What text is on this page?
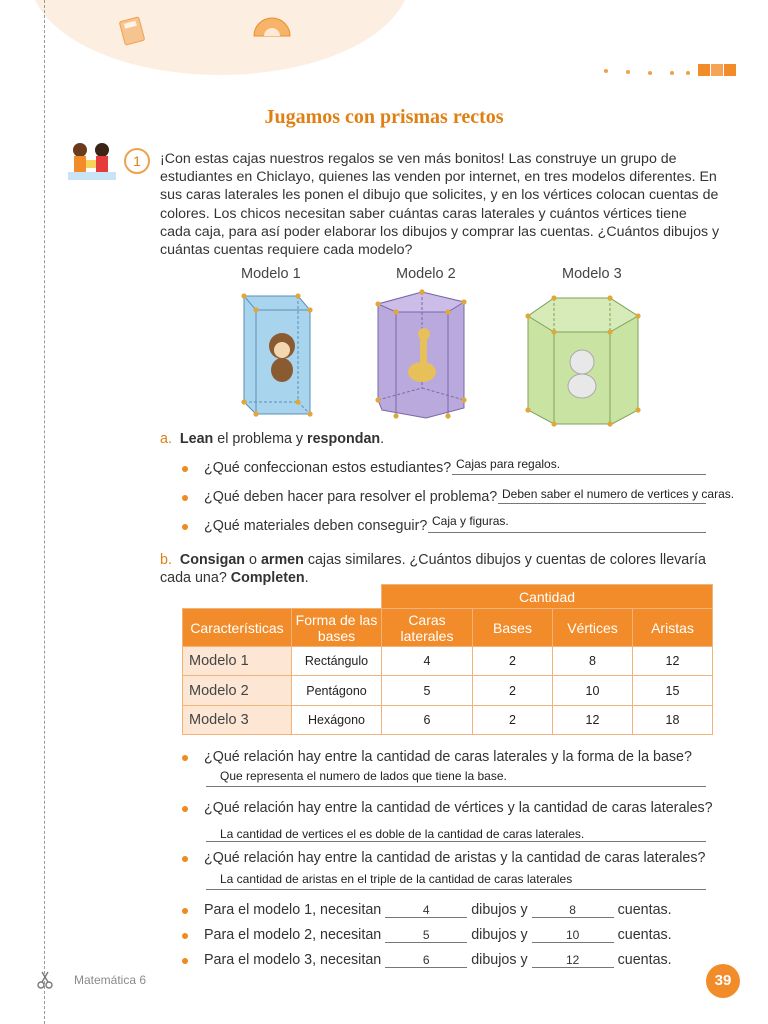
Jugamos con prismas rectos
1	¡Con estas cajas nuestros regalos se ven más bonitos! Las construye un grupo de estudiantes en Chiclayo, quienes las venden por internet, en tres modelos diferentes. En sus caras laterales les ponen el dibujo que solicites, y en los vértices colocan cuentas de colores. Los chicos necesitan saber cuántas caras laterales y cuántos vértices tiene cada caja, para así poder elaborar los dibujos y comprar las cuentas. ¿Cuántos dibujos y cuántas cuentas requiere cada modelo?
Modelo 1	Modelo 2	Modelo 3
a. Lean el problema y respondan.
¿Qué confeccionan estos estudiantes? Cajas para regalos.
¿Qué deben hacer para resolver el problema? Deben saber el numero de vertices y caras.
¿Qué materiales deben conseguir? Caja y figuras.
b. Consigan o armen cajas similares. ¿Cuántos dibujos y cuentas de colores llevaría cada una? Completen.
		Cantidad			
Características	Forma de las bases	Caras laterales	Bases	Vértices	Aristas
Modelo 1	Rectángulo	4	2	8	12
Modelo 2	Pentágono	5	2	10	15
Modelo 3	Hexágono	6	2	12	18
¿Qué relación hay entre la cantidad de caras laterales y la forma de la base?
Que representa el numero de lados que tiene la base.
¿Qué relación hay entre la cantidad de vértices y la cantidad de caras laterales?
La cantidad de vertices el es doble de la cantidad de caras laterales.
¿Qué relación hay entre la cantidad de aristas y la cantidad de caras laterales?
La cantidad de aristas en el triple de la cantidad de caras laterales
Para el modelo 1, necesitan	4	dibujos y	8	cuentas.
Para el modelo 2, necesitan	5	dibujos y	10	cuentas.
Para el modelo 3, necesitan	6	dibujos y	12	cuentas.
Matemática 6	39
